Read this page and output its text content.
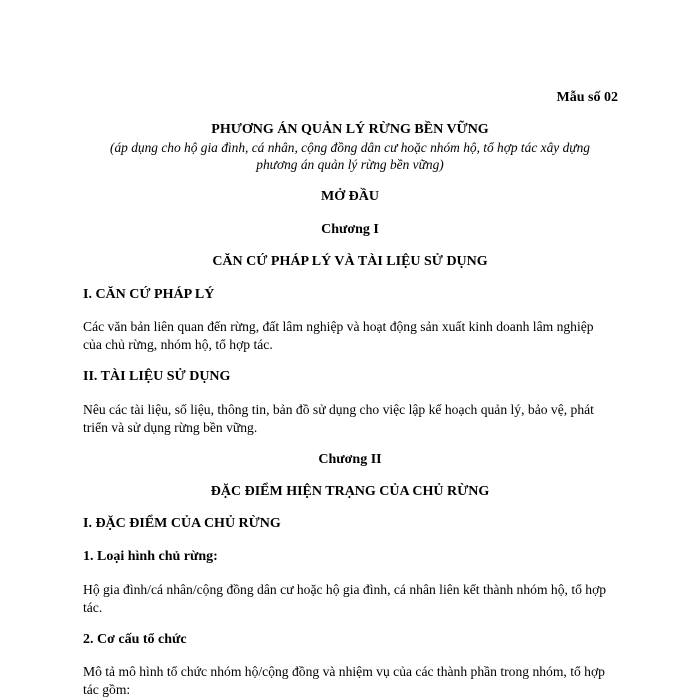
Mẫu số 02
PHƯƠNG ÁN QUẢN LÝ RỪNG BỀN VỮNG
(áp dụng cho hộ gia đình, cá nhân, cộng đồng dân cư hoặc nhóm hộ, tổ hợp tác xây dựng
phương án quản lý rừng bền vững)
MỞ ĐẦU
Chương I
CĂN CỨ PHÁP LÝ VÀ TÀI LIỆU SỬ DỤNG
I. CĂN CỨ PHÁP LÝ
Các văn bản liên quan đến rừng, đất lâm nghiệp và hoạt động sản xuất kinh doanh lâm nghiệp
của chủ rừng, nhóm hộ, tổ hợp tác.
II. TÀI LIỆU SỬ DỤNG
Nêu các tài liệu, số liệu, thông tin, bản đồ sử dụng cho việc lập kế hoạch quản lý, bảo vệ, phát
triển và sử dụng rừng bền vững.
Chương II
ĐẶC ĐIỂM HIỆN TRẠNG CỦA CHỦ RỪNG
I. ĐẶC ĐIỂM CỦA CHỦ RỪNG
1. Loại hình chủ rừng:
Hộ gia đình/cá nhân/cộng đồng dân cư hoặc hộ gia đình, cá nhân liên kết thành nhóm hộ, tổ hợp
tác.
2. Cơ cấu tổ chức
Mô tả mô hình tổ chức nhóm hộ/cộng đồng và nhiệm vụ của các thành phần trong nhóm, tổ hợp
tác gồm:
